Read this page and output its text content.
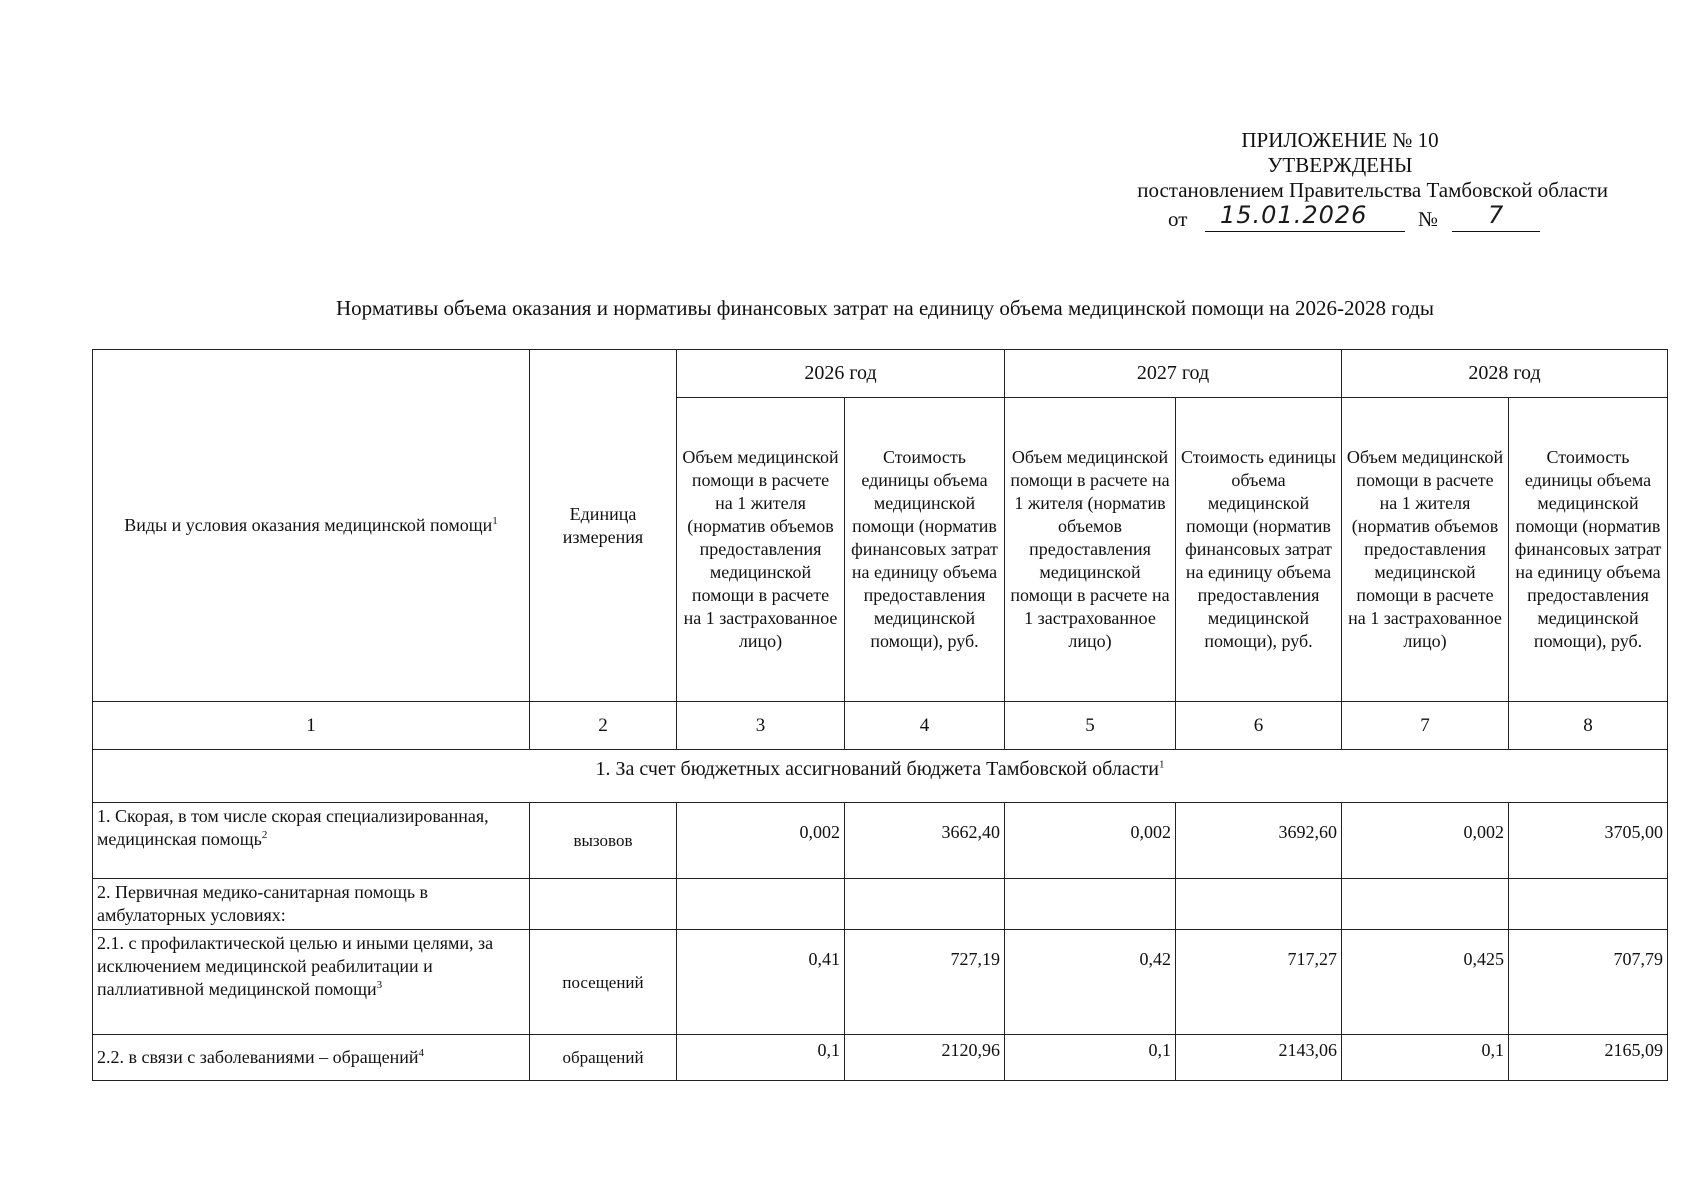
ПРИЛОЖЕНИЕ № 10
УТВЕРЖДЕНЫ
постановлением Правительства Тамбовской области
от 15.01.2026 № 7
Нормативы объема оказания и нормативы финансовых затрат на единицу объема медицинской помощи на 2026-2028 годы
Виды и условия оказания медицинской помощи$^1$	Единица измерения	2026 год		2027 год		2028 год	
		Объем медицинской помощи в расчете на 1 жителя (норматив объемов предоставления медицинской помощи в расчете на 1 застрахованное лицо)	Стоимость единицы объема медицинской помощи (норматив финансовых затрат на единицу объема предоставления медицинской помощи), руб.	Объем медицинской помощи в расчете на 1 жителя (норматив объемов предоставления медицинской помощи в расчете на 1 застрахованное лицо)	Стоимость единицы объема медицинской помощи (норматив финансовых затрат на единицу объема предоставления медицинской помощи), руб.	Объем медицинской помощи в расчете на 1 жителя (норматив объемов предоставления медицинской помощи в расчете на 1 застрахованное лицо)	Стоимость единицы объема медицинской помощи (норматив финансовых затрат на единицу объема предоставления медицинской помощи), руб.
1	2	3	4	5	6	7	8
1. За счет бюджетных ассигнований бюджета Тамбовской области$^1$
1. Скорая, в том числе скорая специализированная, медицинская помощь$^2$	вызовов	0,002	3662,40	0,002	3692,60	0,002	3705,00
2. Первичная медико-санитарная помощь в амбулаторных условиях:							
2.1. с профилактической целью и иными целями, за исключением медицинской реабилитации и паллиативной медицинской помощи$^3$	посещений	0,41	727,19	0,42	717,27	0,425	707,79
2.2. в связи с заболеваниями – обращений$^4$	обращений	0,1	2120,96	0,1	2143,06	0,1	2165,09
